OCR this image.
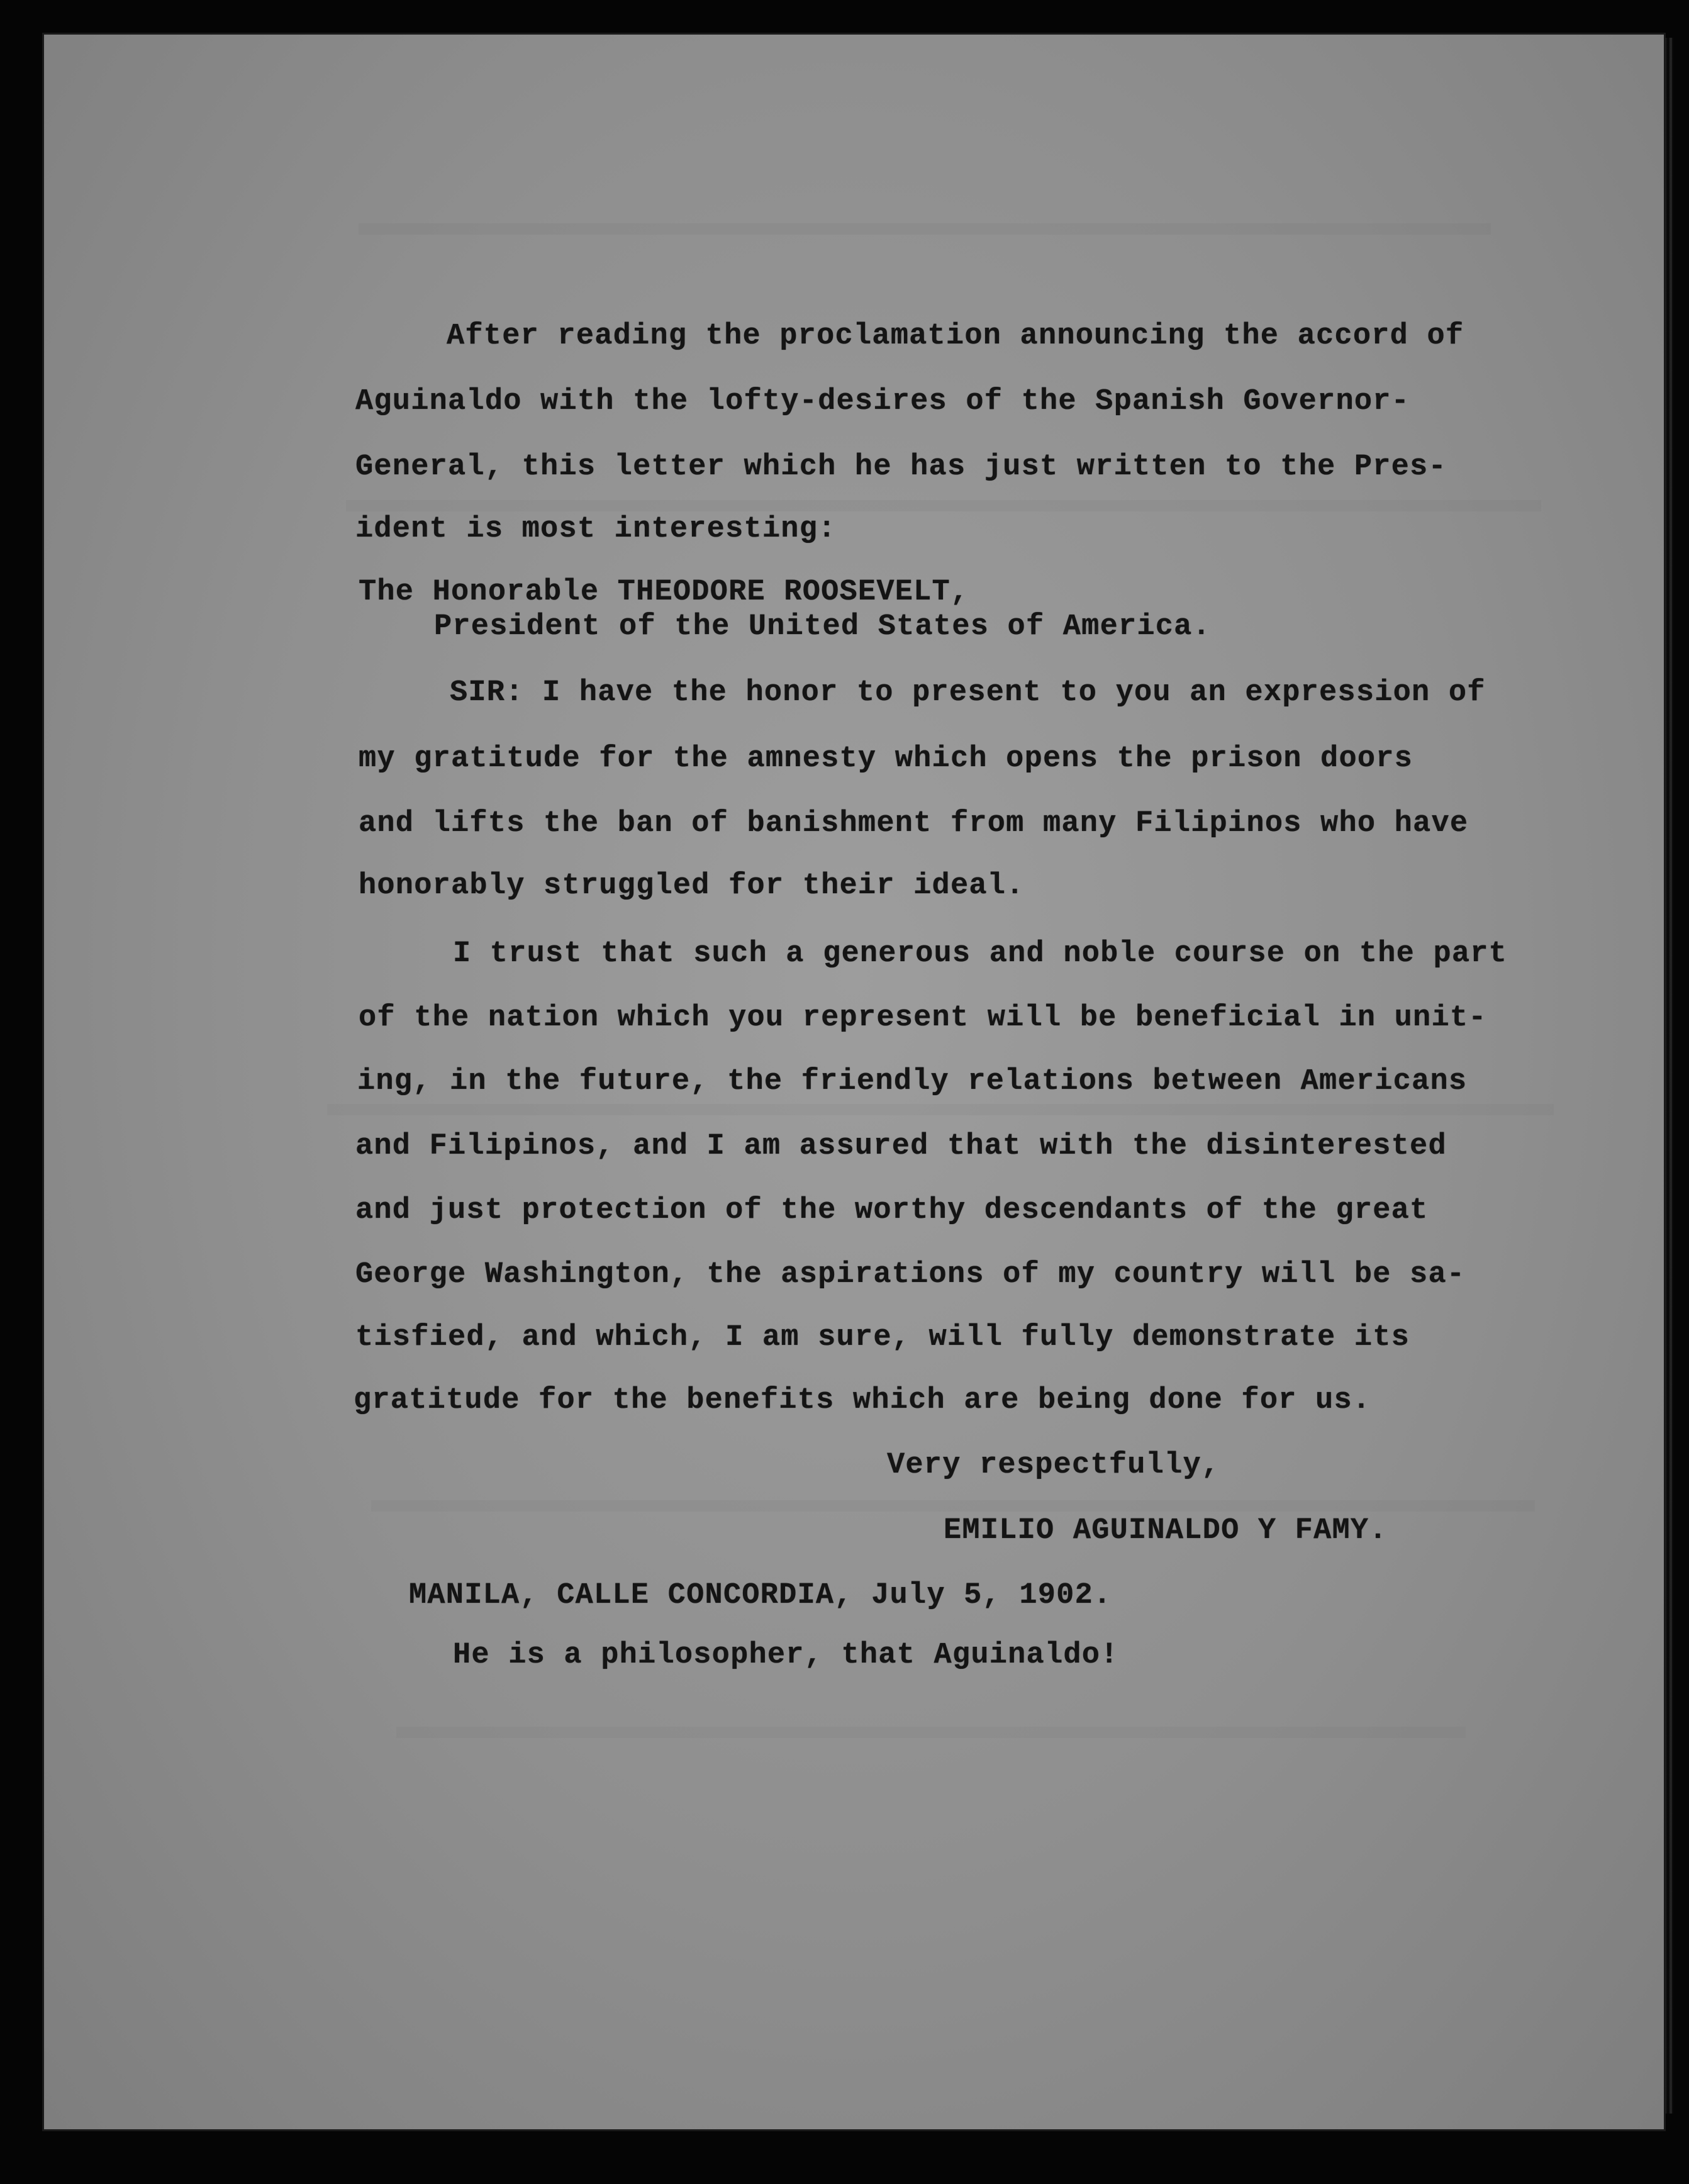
After reading the proclamation announcing the accord of
Aguinaldo with the lofty-desires of the Spanish Governor-
General, this letter which he has just written to the Pres-
ident is most interesting:
The Honorable THEODORE ROOSEVELT,
President of the United States of America.
SIR: I have the honor to present to you an expression of
my gratitude for the amnesty which opens the prison doors
and lifts the ban of banishment from many Filipinos who have
honorably struggled for their ideal.
I trust that such a generous and noble course on the part
of the nation which you represent will be beneficial in unit-
ing, in the future, the friendly relations between Americans
and Filipinos, and I am assured that with the disinterested
and just protection of the worthy descendants of the great
George Washington, the aspirations of my country will be sa-
tisfied, and which, I am sure, will fully demonstrate its
gratitude for the benefits which are being done for us.
Very respectfully,
EMILIO AGUINALDO Y FAMY.
MANILA, CALLE CONCORDIA, July 5, 1902.
He is a philosopher, that Aguinaldo!
